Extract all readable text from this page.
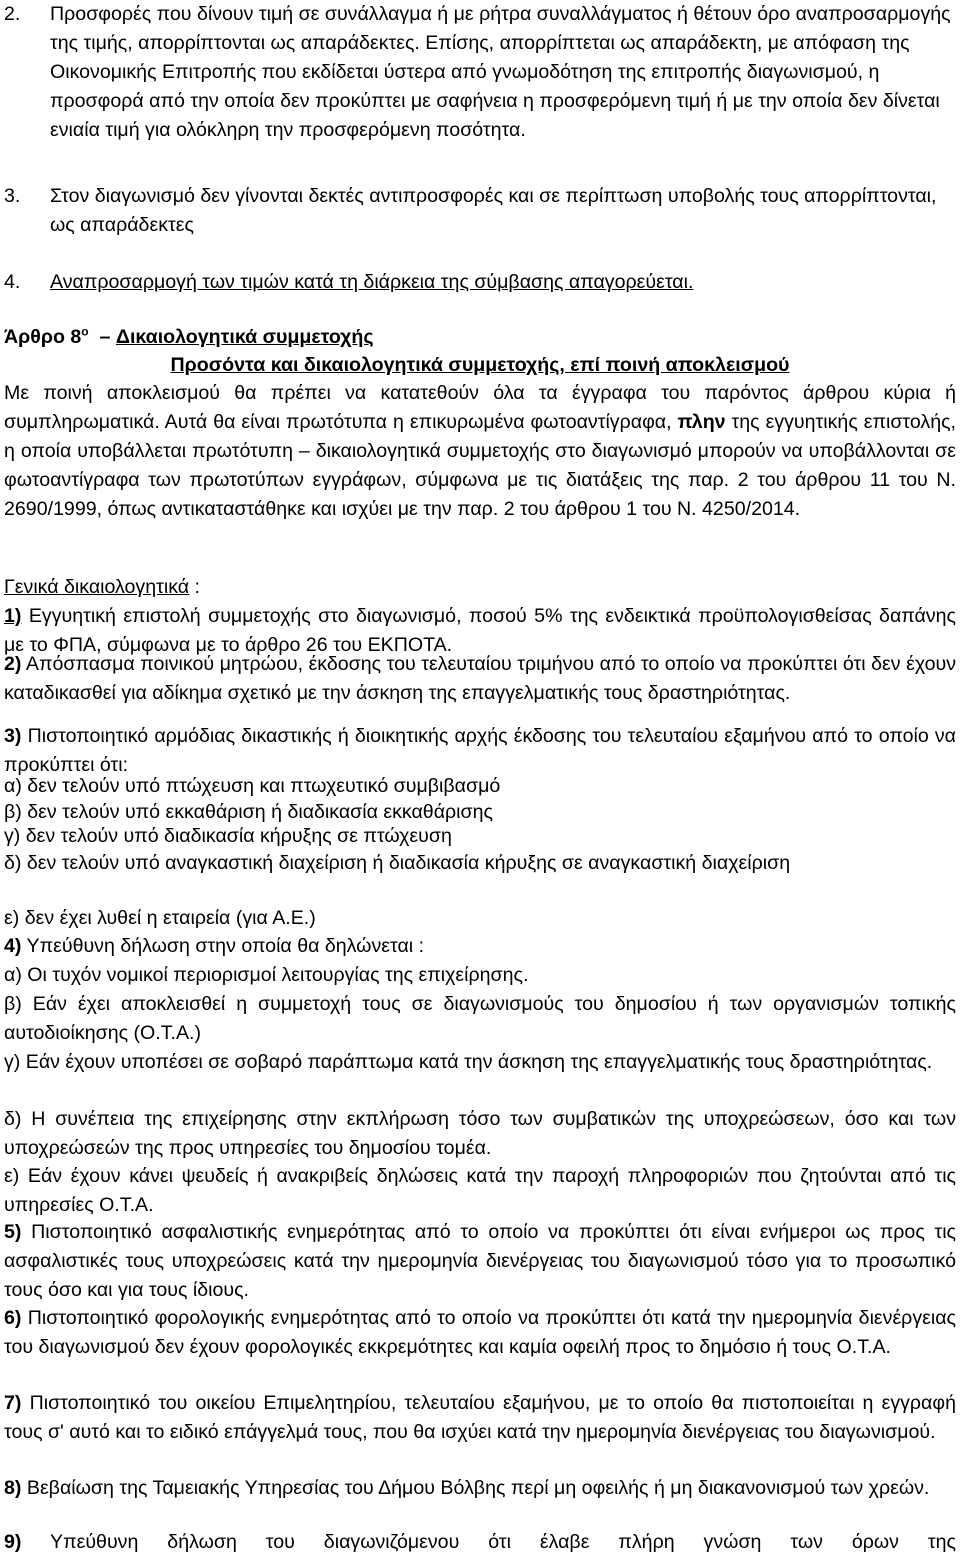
2. Προσφορές που δίνουν τιμή σε συνάλλαγμα ή με ρήτρα συναλλάγματος ή θέτουν όρο αναπροσαρμογής της τιμής, απορρίπτονται ως απαράδεκτες. Επίσης, απορρίπτεται ως απαράδεκτη, με απόφαση της Οικονομικής Επιτροπής που εκδίδεται ύστερα από γνωμοδότηση της επιτροπής διαγωνισμού, η προσφορά από την οποία δεν προκύπτει με σαφήνεια η προσφερόμενη τιμή ή με την οποία δεν δίνεται ενιαία τιμή για ολόκληρη την προσφερόμενη ποσότητα.

3. Στον διαγωνισμό δεν γίνονται δεκτές αντιπροσφορές και σε περίπτωση υποβολής τους απορρίπτονται, ως απαράδεκτες

4. Αναπροσαρμογή των τιμών κατά τη διάρκεια της σύμβασης απαγορεύεται.

Άρθρο $8^o$  – Δικαιολογητικά συμμετοχής

Προσόντα και δικαιολογητικά συμμετοχής, επί ποινή αποκλεισμού

Με ποινή αποκλεισμού θα πρέπει να κατατεθούν όλα τα έγγραφα του παρόντος άρθρου κύρια ή συμπληρωματικά. Αυτά θα είναι πρωτότυπα η επικυρωμένα φωτοαντίγραφα, πλην της εγγυητικής επιστολής, η οποία υποβάλλεται πρωτότυπη – δικαιολογητικά συμμετοχής στο διαγωνισμό μπορούν να υποβάλλονται σε φωτοαντίγραφα των πρωτοτύπων εγγράφων, σύμφωνα με τις διατάξεις της παρ. 2 του άρθρου 11 του Ν. 2690/1999, όπως αντικαταστάθηκε και ισχύει με την παρ. 2 του άρθρου 1 του Ν. 4250/2014.

Γενικά δικαιολογητικά :

1) Εγγυητική επιστολή συμμετοχής στο διαγωνισμό, ποσού 5% της ενδεικτικά προϋπολογισθείσας δαπάνης με το ΦΠΑ, σύμφωνα με το άρθρο 26 του ΕΚΠΟΤΑ.

2) Απόσπασμα ποινικού μητρώου, έκδοσης του τελευταίου τριμήνου από το οποίο να προκύπτει ότι δεν έχουν καταδικασθεί για αδίκημα σχετικό με την άσκηση της επαγγελματικής τους δραστηριότητας.

3) Πιστοποιητικό αρμόδιας δικαστικής ή διοικητικής αρχής έκδοσης του τελευταίου εξαμήνου από το οποίο να προκύπτει ότι:

α) δεν τελούν υπό πτώχευση και πτωχευτικό συμβιβασμό

β) δεν τελούν υπό εκκαθάριση ή διαδικασία εκκαθάρισης

γ) δεν τελούν υπό διαδικασία κήρυξης σε πτώχευση

δ) δεν τελούν υπό αναγκαστική διαχείριση ή διαδικασία κήρυξης σε αναγκαστική διαχείριση

ε) δεν έχει λυθεί η εταιρεία (για Α.Ε.)

4) Υπεύθυνη δήλωση στην οποία θα δηλώνεται :

α) Οι τυχόν νομικοί περιορισμοί λειτουργίας της επιχείρησης.

β) Εάν έχει αποκλεισθεί η συμμετοχή τους σε διαγωνισμούς του δημοσίου ή των οργανισμών τοπικής αυτοδιοίκησης (Ο.Τ.Α.)

γ) Εάν έχουν υποπέσει σε σοβαρό παράπτωμα κατά την άσκηση της επαγγελματικής τους δραστηριότητας.

δ) Η συνέπεια της επιχείρησης στην εκπλήρωση τόσο των συμβατικών της υποχρεώσεων, όσο και των υποχρεώσεών της προς υπηρεσίες του δημοσίου τομέα.

ε) Εάν έχουν κάνει ψευδείς ή ανακριβείς δηλώσεις κατά την παροχή πληροφοριών που ζητούνται από τις υπηρεσίες Ο.Τ.Α.

5) Πιστοποιητικό ασφαλιστικής ενημερότητας από το οποίο να προκύπτει ότι είναι ενήμεροι ως προς τις ασφαλιστικές τους υποχρεώσεις κατά την ημερομηνία διενέργειας του διαγωνισμού τόσο για το προσωπικό τους όσο και για τους ίδιους.

6) Πιστοποιητικό φορολογικής ενημερότητας από το οποίο να προκύπτει ότι κατά την ημερομηνία διενέργειας του διαγωνισμού δεν έχουν φορολογικές εκκρεμότητες και καμία οφειλή προς το δημόσιο ή τους Ο.Τ.Α.

7) Πιστοποιητικό του οικείου Επιμελητηρίου, τελευταίου εξαμήνου, με το οποίο θα πιστοποιείται η εγγραφή τους σ' αυτό και το ειδικό επάγγελμά τους, που θα ισχύει κατά την ημερομηνία διενέργειας του διαγωνισμού.

8) Βεβαίωση της Ταμειακής Υπηρεσίας του Δήμου Βόλβης περί μη οφειλής ή μη διακανονισμού των χρεών.

9) Υπεύθυνη δήλωση του διαγωνιζόμενου ότι έλαβε πλήρη γνώση των όρων της
